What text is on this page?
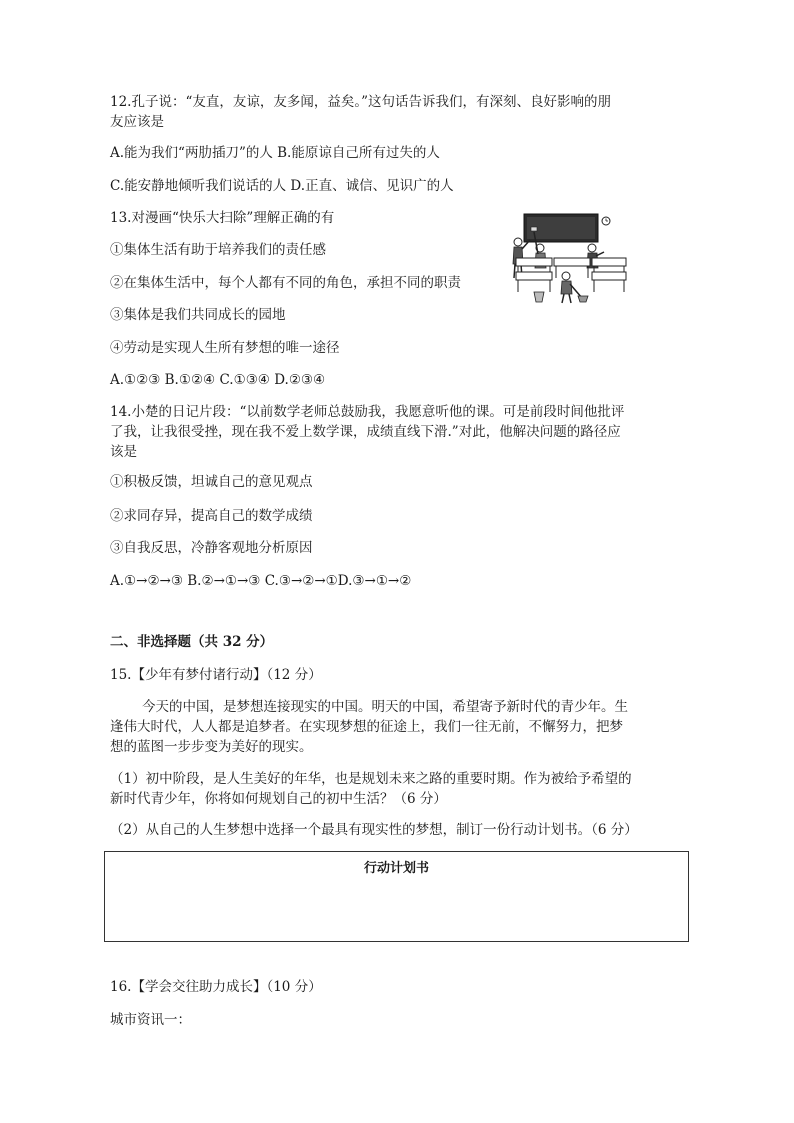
12.孔子说：“友直，友谅，友多闻，益矣。”这句话告诉我们，有深刻、良好影响的朋
友应该是
A.能为我们“两肋插刀”的人 B.能原谅自己所有过失的人
C.能安静地倾听我们说话的人 D.正直、诚信、见识广的人
13.对漫画“快乐大扫除”理解正确的有
①集体生活有助于培养我们的责任感
②在集体生活中，每个人都有不同的角色，承担不同的职责
③集体是我们共同成长的园地
④劳动是实现人生所有梦想的唯一途径
A.①②③ B.①②④ C.①③④ D.②③④
14.小楚的日记片段：“以前数学老师总鼓励我，我愿意听他的课。可是前段时间他批评
了我，让我很受挫，现在我不爱上数学课，成绩直线下滑.”对此，他解决问题的路径应
该是
①积极反馈，坦诚自己的意见观点
②求同存异，提高自己的数学成绩
③自我反思，冷静客观地分析原因
A.①→②→③ B.②→①→③ C.③→②→①D.③→①→②
二、非选择题（共 32 分）
15.【少年有梦付诸行动】（12 分）
今天的中国，是梦想连接现实的中国。明天的中国，希望寄予新时代的青少年。生
逢伟大时代，人人都是追梦者。在实现梦想的征途上，我们一往无前，不懈努力，把梦
想的蓝图一步步变为美好的现实。
（1）初中阶段，是人生美好的年华，也是规划未来之路的重要时期。作为被给予希望的
新时代青少年，你将如何规划自己的初中生活？（6 分）
（2）从自己的人生梦想中选择一个最具有现实性的梦想，制订一份行动计划书。（6 分）
行动计划书
16.【学会交往助力成长】（10 分）
城市资讯一：
